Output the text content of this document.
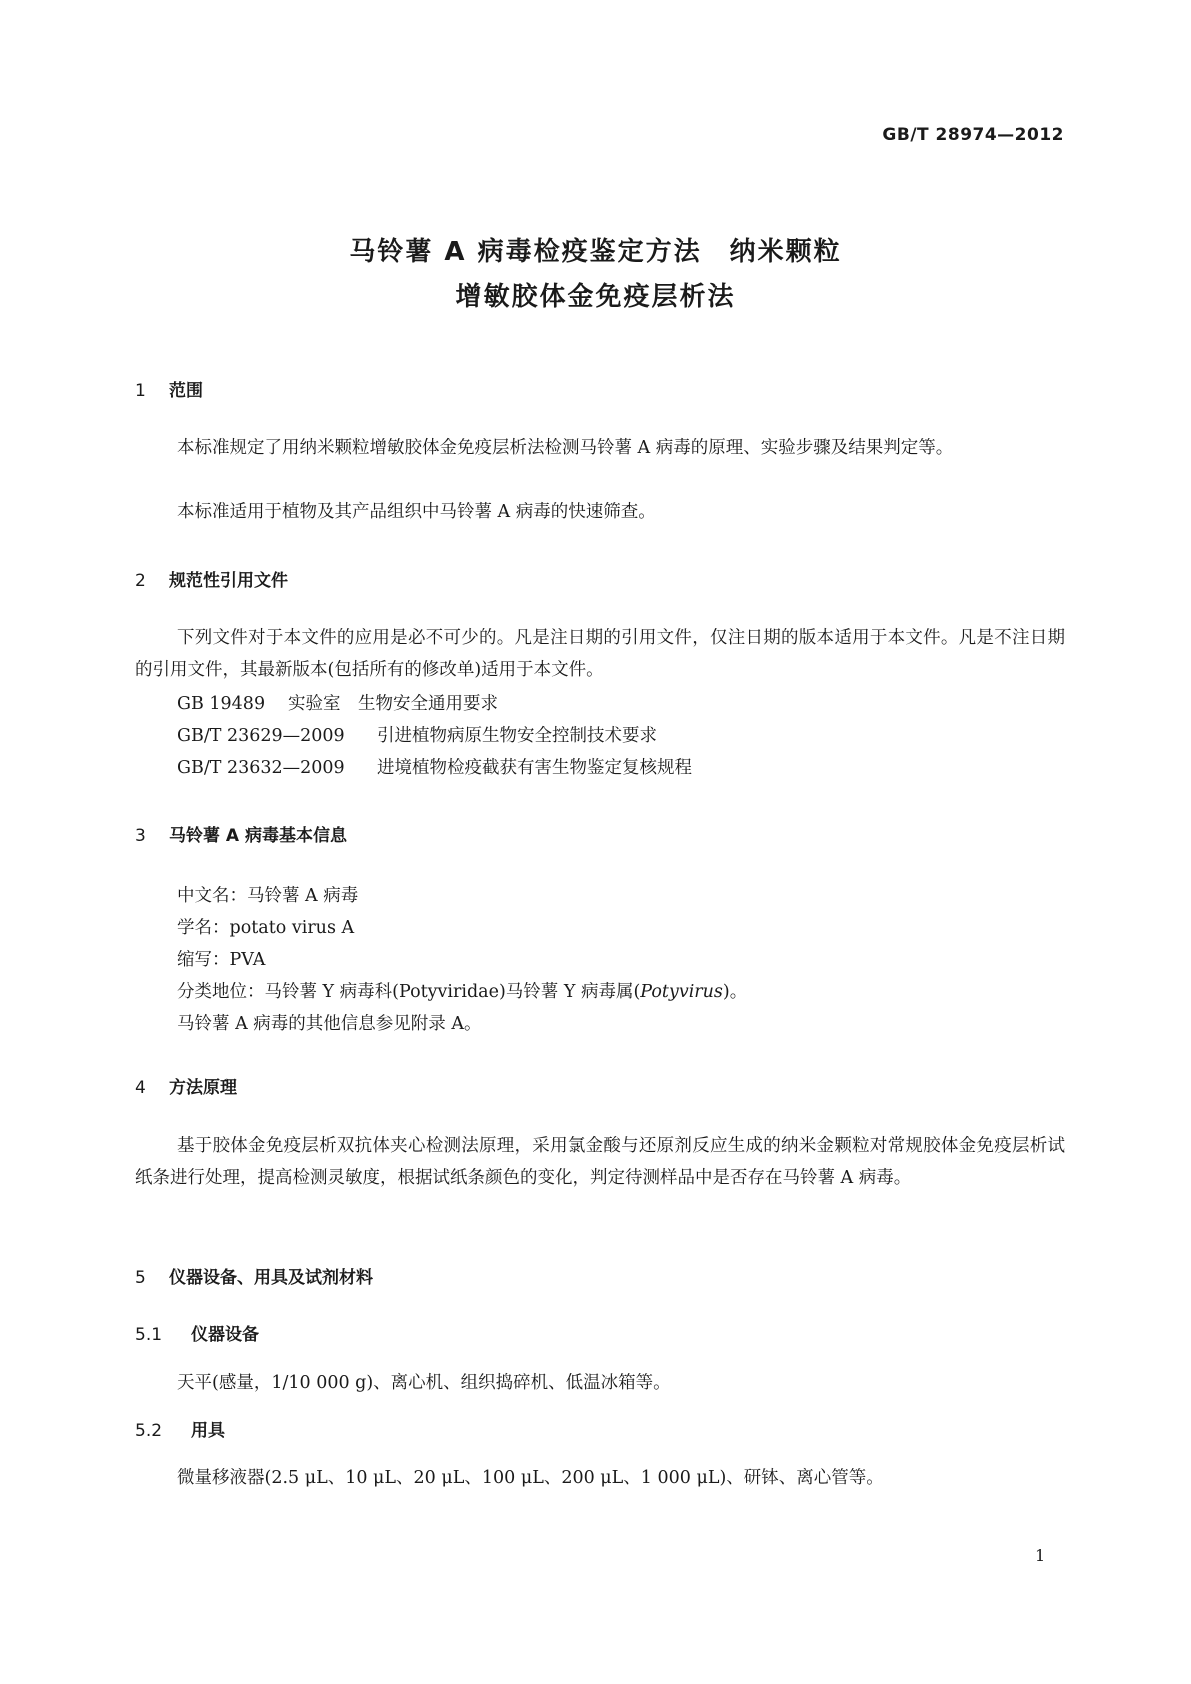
GB/T 28974—2012
马铃薯 A 病毒检疫鉴定方法　纳米颗粒
增敏胶体金免疫层析法
1 范围
本标准规定了用纳米颗粒增敏胶体金免疫层析法检测马铃薯 A 病毒的原理、实验步骤及结果判定等。
本标准适用于植物及其产品组织中马铃薯 A 病毒的快速筛查。
2 规范性引用文件
下列文件对于本文件的应用是必不可少的。凡是注日期的引用文件，仅注日期的版本适用于本文件。凡是不注日期的引用文件，其最新版本(包括所有的修改单)适用于本文件。
GB 19489 实验室　生物安全通用要求
GB/T 23629—2009 引进植物病原生物安全控制技术要求
GB/T 23632—2009 进境植物检疫截获有害生物鉴定复核规程
3 马铃薯 A 病毒基本信息
中文名：马铃薯 A 病毒
学名：potato virus A
缩写：PVA
分类地位：马铃薯 Y 病毒科(Potyviridae)马铃薯 Y 病毒属(Potyvirus)。
马铃薯 A 病毒的其他信息参见附录 A。
4 方法原理
基于胶体金免疫层析双抗体夹心检测法原理，采用氯金酸与还原剂反应生成的纳米金颗粒对常规胶体金免疫层析试纸条进行处理，提高检测灵敏度，根据试纸条颜色的变化，判定待测样品中是否存在马铃薯 A 病毒。
5 仪器设备、用具及试剂材料
5.1 仪器设备
天平(感量，1/10 000 g)、离心机、组织捣碎机、低温冰箱等。
5.2 用具
微量移液器(2.5 μL、10 μL、20 μL、100 μL、200 μL、1 000 μL)、研钵、离心管等。
1
